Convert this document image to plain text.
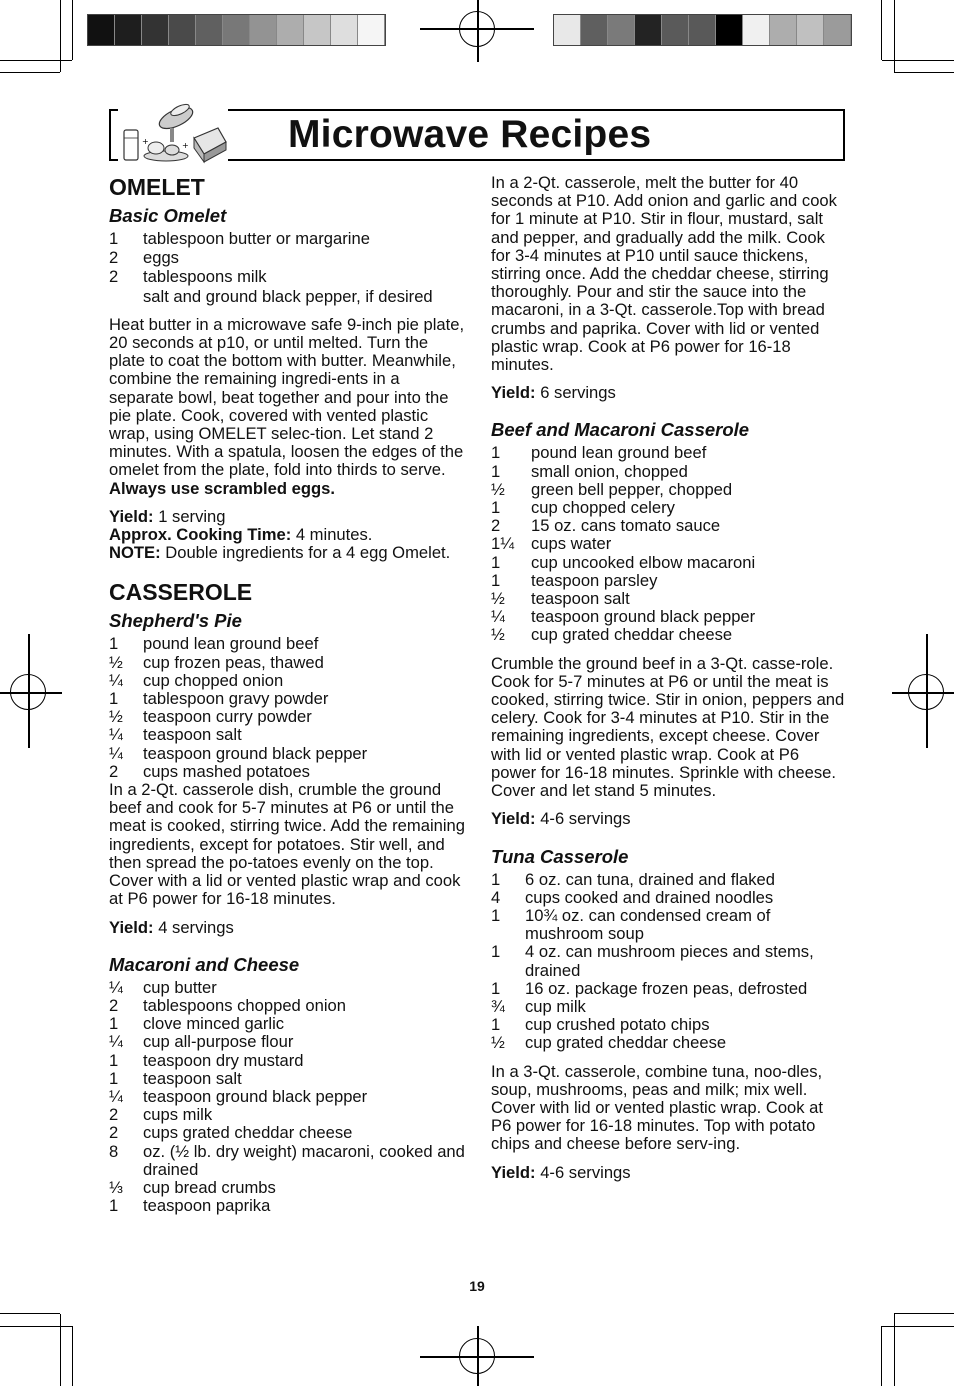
+	+	Microwave Recipes
OMELET
Basic Omelet
1	tablespoon butter or margarine
2	eggs
2	tablespoons milk
salt and ground black pepper, if desired

Heat butter in a microwave safe 9-inch pie plate, 20 seconds at p10, or until melted. Turn the plate to coat the bottom with butter. Meanwhile, combine the remaining ingredi-ents in a separate bowl, beat together and pour into the pie plate. Cook, covered with vented plastic wrap, using OMELET selec-tion. Let stand 2 minutes. With a spatula, loosen the edges of the omelet from the plate, fold into thirds to serve. Always use scrambled eggs.

Yield: 1 serving

Approx. Cooking Time: 4 minutes.

NOTE: Double ingredients for a 4 egg Omelet.

CASSEROLE
Shepherd's Pie
1	pound lean ground beef
½	cup frozen peas, thawed
¼	cup chopped onion
1	tablespoon gravy powder
½	teaspoon curry powder
¼	teaspoon salt
¼	teaspoon ground black pepper
2	cups mashed potatoes

In a 2-Qt. casserole dish, crumble the ground beef and cook for 5-7 minutes at P6 or until the meat is cooked, stirring twice. Add the remaining ingredients, except for potatoes. Stir well, and then spread the po-tatoes evenly on the top. Cover with a lid or vented plastic wrap and cook at P6 power for 16-18 minutes.

Yield: 4 servings

Macaroni and Cheese
¼	cup butter
2	tablespoons chopped onion
1	clove minced garlic
¼	cup all-purpose flour
1	teaspoon dry mustard
1	teaspoon salt
¼	teaspoon ground black pepper
2	cups milk
2	cups grated cheddar cheese
8	oz. (½ lb. dry weight) macaroni, cooked and drained
⅓	cup bread crumbs
1	teaspoon paprika

In a 2-Qt. casserole, melt the butter for 40 seconds at P10. Add onion and garlic and cook for 1 minute at P10. Stir in flour, mustard, salt and pepper, and gradually add the milk. Cook for 3-4 minutes at P10 until sauce thickens, stirring once. Add the cheddar cheese, stirring thoroughly. Pour and stir the sauce into the macaroni, in a 3-Qt. casserole.Top with bread crumbs and paprika. Cover with lid or vented plastic wrap. Cook at P6 power for 16-18 minutes.

Yield: 6 servings

Beef and Macaroni Casserole
1	pound lean ground beef
1	small onion, chopped
½	green bell pepper, chopped
1	cup chopped celery
2	15 oz. cans tomato sauce
1¼	cups water
1	cup uncooked elbow macaroni
1	teaspoon parsley
½	teaspoon salt
¼	teaspoon ground black pepper
½	cup grated cheddar cheese

Crumble the ground beef in a 3-Qt. casse-role. Cook for 5-7 minutes at P6 or until the meat is cooked, stirring twice. Stir in onion, peppers and celery. Cook for 3-4 minutes at P10. Stir in the remaining ingredients, except cheese. Cover with lid or vented plastic wrap. Cook at P6 power for 16-18 minutes. Sprinkle with cheese. Cover and let stand 5 minutes.

Yield: 4-6 servings

Tuna Casserole
1	6 oz. can tuna, drained and flaked
4	cups cooked and drained noodles
1	10¾ oz. can condensed cream of mushroom soup
1	4 oz. can mushroom pieces and stems, drained
1	16 oz. package frozen peas, defrosted
¾	cup milk
1	cup crushed potato chips
½	cup grated cheddar cheese

In a 3-Qt. casserole, combine tuna, noo-dles, soup, mushrooms, peas and milk; mix well. Cover with lid or vented plastic wrap. Cook at P6 power for 16-18 minutes. Top with potato chips and cheese before serv-ing.

Yield: 4-6 servings

19
